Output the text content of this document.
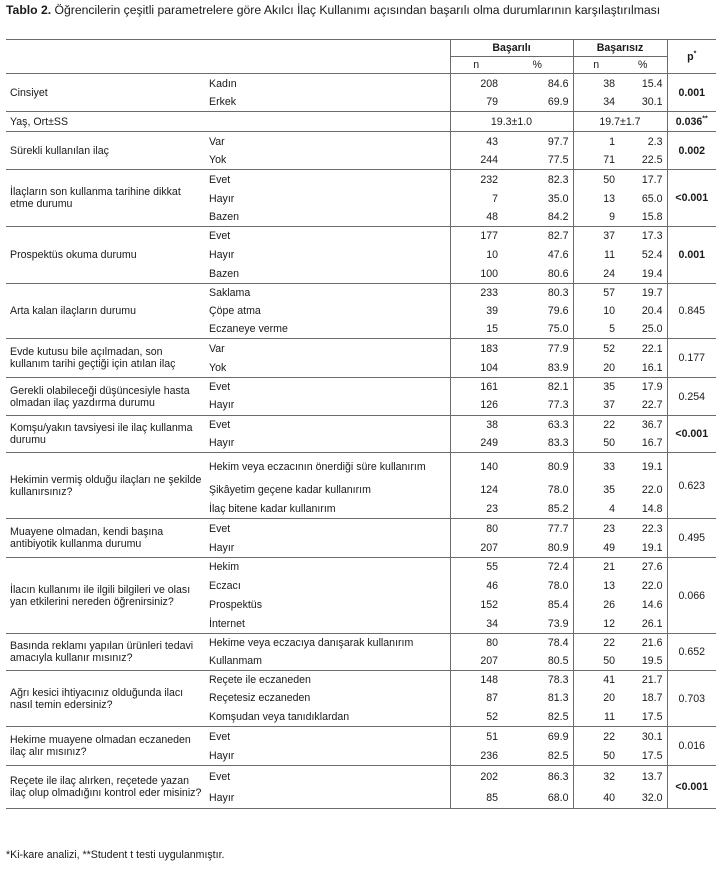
Tablo 2. Öğrencilerin çeşitli parametrelere göre Akılcı İlaç Kullanımı açısından başarılı olma durumlarının karşılaştırılması
		Başarılı		Başarısız		p*
		n	%	n	%	
Cinsiyet	Kadın	208	84.6	38	15.4	0.001
	Erkek	79	69.9	34	30.1	
Yaş, Ort±SS		19.3±1.0		19.7±1.7		0.036**
Sürekli kullanılan ilaç	Var	43	97.7	1	2.3	0.002
	Yok	244	77.5	71	22.5	
İlaçların son kullanma tarihine dikkat etme durumu	Evet	232	82.3	50	17.7	<0.001
	Hayır	7	35.0	13	65.0	
	Bazen	48	84.2	9	15.8	
Prospektüs okuma durumu	Evet	177	82.7	37	17.3	0.001
	Hayır	10	47.6	11	52.4	
	Bazen	100	80.6	24	19.4	
Arta kalan ilaçların durumu	Saklama	233	80.3	57	19.7	0.845
	Çöpe atma	39	79.6	10	20.4	
	Eczaneye verme	15	75.0	5	25.0	
Evde kutusu bile açılmadan, son kullanım tarihi geçtiği için atılan ilaç	Var	183	77.9	52	22.1	0.177
	Yok	104	83.9	20	16.1	
Gerekli olabileceği düşüncesiyle hasta olmadan ilaç yazdırma durumu	Evet	161	82.1	35	17.9	0.254
	Hayır	126	77.3	37	22.7	
Komşu/yakın tavsiyesi ile ilaç kullanma durumu	Evet	38	63.3	22	36.7	<0.001
	Hayır	249	83.3	50	16.7	
Hekimin vermiş olduğu ilaçları ne şekilde kullanırsınız?	Hekim veya eczacının önerdiği süre kullanırım	140	80.9	33	19.1	0.623
	Şikâyetim geçene kadar kullanırım	124	78.0	35	22.0	
	İlaç bitene kadar kullanırım	23	85.2	4	14.8	
Muayene olmadan, kendi başına antibiyotik kullanma durumu	Evet	80	77.7	23	22.3	0.495
	Hayır	207	80.9	49	19.1	
İlacın kullanımı ile ilgili bilgileri ve olası yan etkilerini nereden öğrenirsiniz?	Hekim	55	72.4	21	27.6	0.066
	Eczacı	46	78.0	13	22.0	
	Prospektüs	152	85.4	26	14.6	
	İnternet	34	73.9	12	26.1	
Basında reklamı yapılan ürünleri tedavi amacıyla kullanır mısınız?	Hekime veya eczacıya danışarak kullanırım	80	78.4	22	21.6	0.652
	Kullanmam	207	80.5	50	19.5	
Ağrı kesici ihtiyacınız olduğunda ilacı nasıl temin edersiniz?	Reçete ile eczaneden	148	78.3	41	21.7	0.703
	Reçetesiz eczaneden	87	81.3	20	18.7	
	Komşudan veya tanıdıklardan	52	82.5	11	17.5	
Hekime muayene olmadan eczaneden ilaç alır mısınız?	Evet	51	69.9	22	30.1	0.016
	Hayır	236	82.5	50	17.5	
Reçete ile ilaç alırken, reçetede yazan ilaç olup olmadığını kontrol eder misiniz?	Evet	202	86.3	32	13.7	<0.001
	Hayır	85	68.0	40	32.0	
*Ki-kare analizi, **Student t testi uygulanmıştır.
